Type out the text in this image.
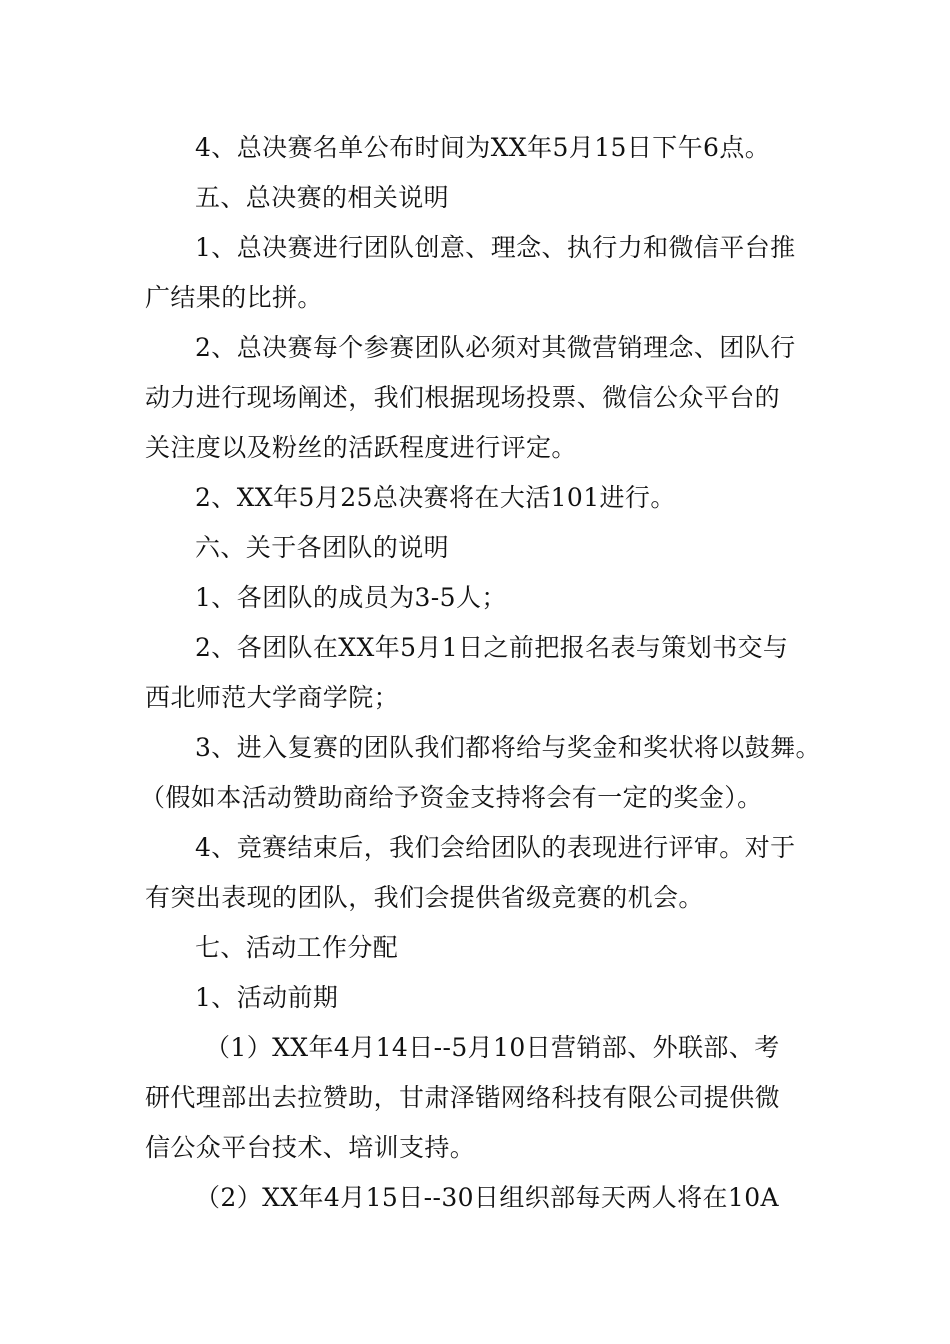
4、总决赛名单公布时间为XX年5月15日下午6点。
五、总决赛的相关说明
1、总决赛进行团队创意、理念、执行力和微信平台推
广结果的比拼。
2、总决赛每个参赛团队必须对其微营销理念、团队行
动力进行现场阐述，我们根据现场投票、微信公众平台的
关注度以及粉丝的活跃程度进行评定。
2、XX年5月25总决赛将在大活101进行。
六、关于各团队的说明
1、各团队的成员为3-5人；
2、各团队在XX年5月1日之前把报名表与策划书交与
西北师范大学商学院；
3、进入复赛的团队我们都将给与奖金和奖状将以鼓舞。
（假如本活动赞助商给予资金支持将会有一定的奖金）。
4、竞赛结束后，我们会给团队的表现进行评审。对于
有突出表现的团队，我们会提供省级竞赛的机会。
七、活动工作分配
1、活动前期
（1）XX年4月14日--5月10日营销部、外联部、考
研代理部出去拉赞助，甘肃泽锴网络科技有限公司提供微
信公众平台技术、培训支持。
（2）XX年4月15日--30日组织部每天两人将在10A
